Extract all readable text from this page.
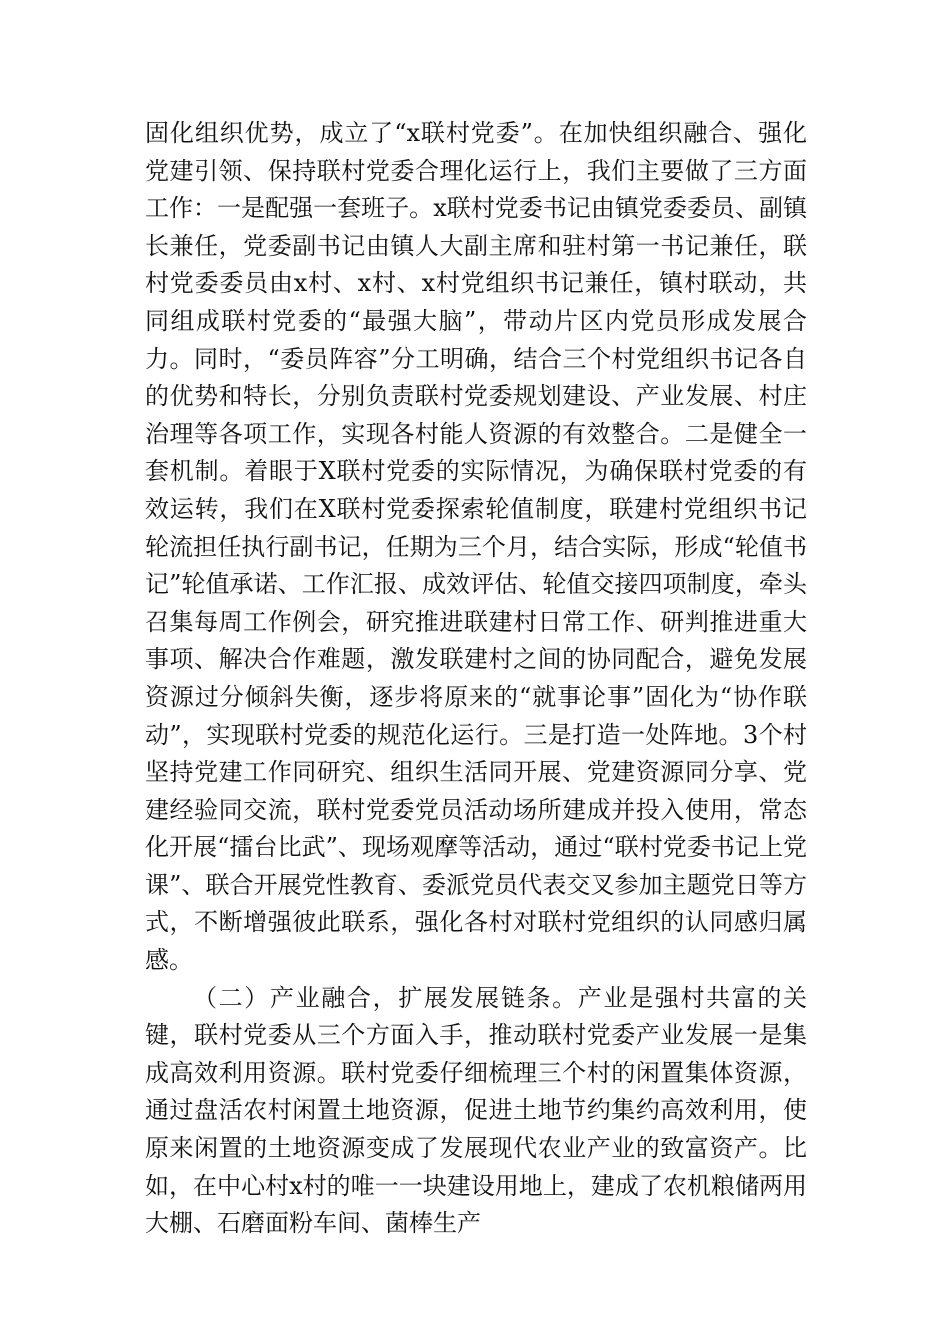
固化组织优势，成立了“x联村党委”。在加快组织融合、强化党建引领、保持联村党委合理化运行上，我们主要做了三方面工作：一是配强一套班子。x联村党委书记由镇党委委员、副镇长兼任，党委副书记由镇人大副主席和驻村第一书记兼任，联村党委委员由x村、x村、x村党组织书记兼任，镇村联动，共同组成联村党委的“最强大脑”，带动片区内党员形成发展合力。同时，“委员阵容”分工明确，结合三个村党组织书记各自的优势和特长，分别负责联村党委规划建设、产业发展、村庄治理等各项工作，实现各村能人资源的有效整合。二是健全一套机制。着眼于X联村党委的实际情况，为确保联村党委的有效运转，我们在X联村党委探索轮值制度，联建村党组织书记轮流担任执行副书记，任期为三个月，结合实际，形成“轮值书记”轮值承诺、工作汇报、成效评估、轮值交接四项制度，牵头召集每周工作例会，研究推进联建村日常工作、研判推进重大事项、解决合作难题，激发联建村之间的协同配合，避免发展资源过分倾斜失衡，逐步将原来的“就事论事”固化为“协作联动”，实现联村党委的规范化运行。三是打造一处阵地。3个村坚持党建工作同研究、组织生活同开展、党建资源同分享、党建经验同交流，联村党委党员活动场所建成并投入使用，常态化开展“擂台比武”、现场观摩等活动，通过“联村党委书记上党课”、联合开展党性教育、委派党员代表交叉参加主题党日等方式，不断增强彼此联系，强化各村对联村党组织的认同感归属感。

（二）产业融合，扩展发展链条。产业是强村共富的关键，联村党委从三个方面入手，推动联村党委产业发展一是集成高效利用资源。联村党委仔细梳理三个村的闲置集体资源，通过盘活农村闲置土地资源，促进土地节约集约高效利用，使原来闲置的土地资源变成了发展现代农业产业的致富资产。比如，在中心村x村的唯一一块建设用地上，建成了农机粮储两用大棚、石磨面粉车间、菌棒生产
